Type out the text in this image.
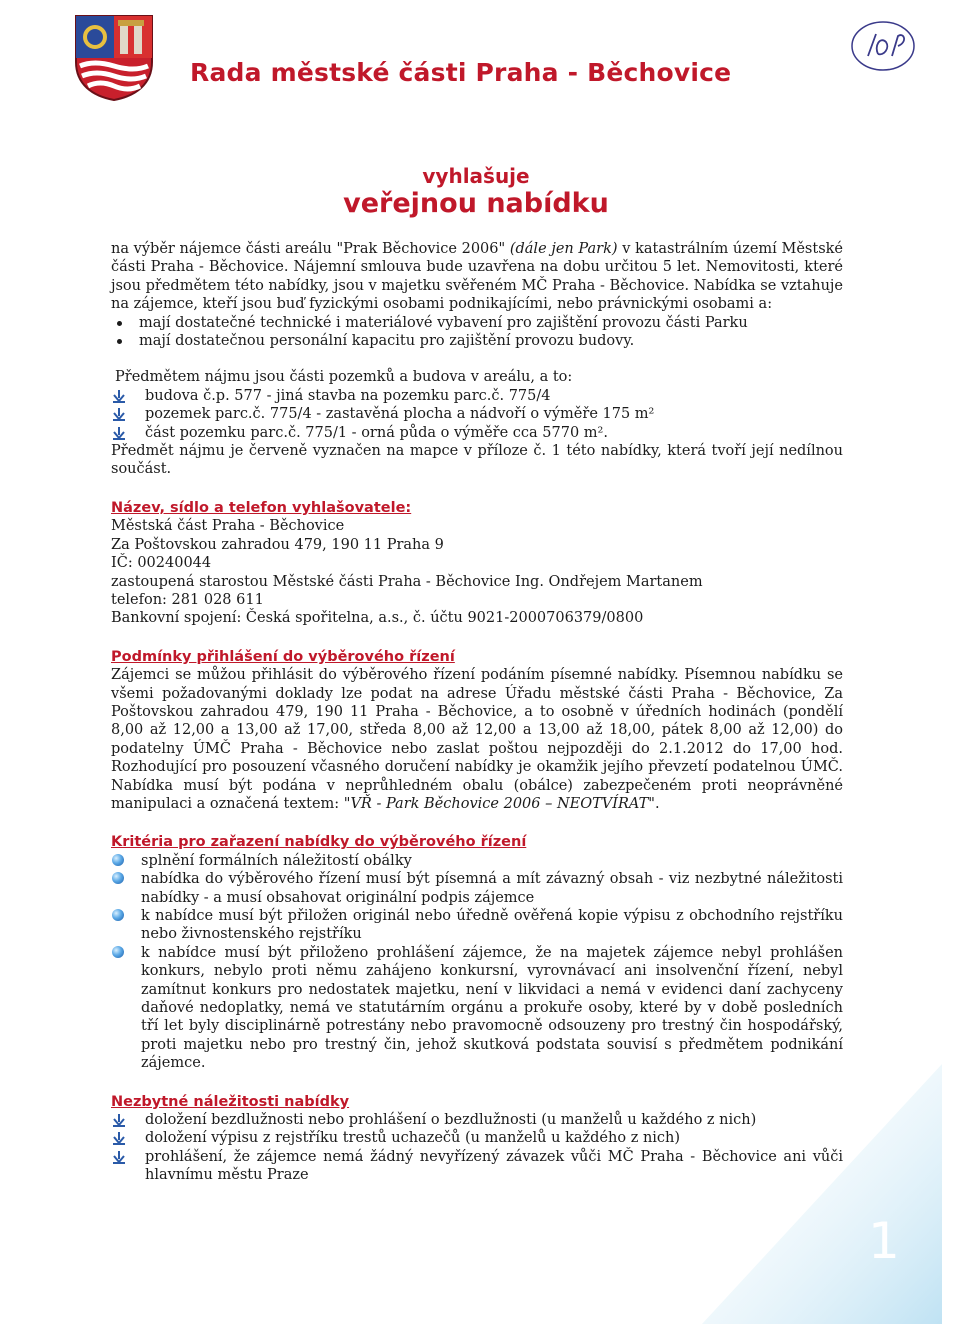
Rada městské části Praha - Běchovice
vyhlašuje
veřejnou nabídku

na výběr nájemce části areálu "Prak Běchovice 2006" (dále jen Park) v katastrálním území Městské části Praha - Běchovice. Nájemní smlouva bude uzavřena na dobu určitou 5 let. Nemovitosti, které jsou předmětem této nabídky, jsou v majetku svěřeném MČ Praha - Běchovice. Nabídka se vztahuje na zájemce, kteří jsou buď fyzickými osobami podnikajícími, nebo právnickými osobami a:

mají dostatečné technické i materiálové vybavení pro zajištění provozu části Parku
mají dostatečnou personální kapacitu pro zajištění provozu budovy.

Předmětem nájmu jsou části pozemků a budova v areálu, a to:

budova č.p. 577 - jiná stavba na pozemku parc.č. 775/4
pozemek parc.č. 775/4 - zastavěná plocha a nádvoří o výměře 175 m²
část pozemku parc.č. 775/1 - orná půda o výměře cca 5770 m².

Předmět nájmu je červeně vyznačen na mapce v příloze č. 1 této nabídky, která tvoří její nedílnou součást.

Název, sídlo a telefon vyhlašovatele:

Městská část Praha - Běchovice

Za Poštovskou zahradou 479, 190 11 Praha 9

IČ: 00240044

zastoupená starostou Městské části Praha - Běchovice Ing. Ondřejem Martanem

telefon: 281 028 611

Bankovní spojení: Česká spořitelna, a.s., č. účtu 9021-2000706379/0800

Podmínky přihlášení do výběrového řízení

Zájemci se můžou přihlásit do výběrového řízení podáním písemné nabídky. Písemnou nabídku se všemi požadovanými doklady lze podat na adrese Úřadu městské části Praha - Běchovice, Za Poštovskou zahradou 479, 190 11 Praha - Běchovice, a to osobně v úředních hodinách (pondělí 8,00 až 12,00 a 13,00 až 17,00, středa 8,00 až 12,00 a 13,00 až 18,00, pátek 8,00 až 12,00) do podatelny ÚMČ Praha - Běchovice nebo zaslat poštou nejpozději do 2.1.2012 do 17,00 hod. Rozhodující pro posouzení včasného doručení nabídky je okamžik jejího převzetí podatelnou ÚMČ. Nabídka musí být podána v neprůhledném obalu (obálce) zabezpečeném proti neoprávněné manipulaci a označená textem: "VŘ - Park Běchovice 2006 – NEOTVÍRAT".

Kritéria pro zařazení nabídky do výběrového řízení

splnění formálních náležitostí obálky
nabídka do výběrového řízení musí být písemná a mít závazný obsah - viz nezbytné náležitosti nabídky - a musí obsahovat originální podpis zájemce
k nabídce musí být přiložen originál nebo úředně ověřená kopie výpisu z obchodního rejstříku nebo živnostenského rejstříku
k nabídce musí být přiloženo prohlášení zájemce, že na majetek zájemce nebyl prohlášen konkurs, nebylo proti němu zahájeno konkursní, vyrovnávací ani insolvenční řízení, nebyl zamítnut konkurs pro nedostatek majetku, není v likvidaci a nemá v evidenci daní zachyceny daňové nedoplatky, nemá ve statutárním orgánu a prokuře osoby, které by v době posledních tří let byly disciplinárně potrestány nebo pravomocně odsouzeny pro trestný čin hospodářský, proti majetku nebo pro trestný čin, jehož skutková podstata souvisí s předmětem podnikání zájemce.

Nezbytné náležitosti nabídky

doložení bezdlužnosti nebo prohlášení o bezdlužnosti (u manželů u každého z nich)
doložení výpisu z rejstříku trestů uchazečů (u manželů u každého z nich)
prohlášení, že zájemce nemá žádný nevyřízený závazek vůči MČ Praha - Běchovice ani vůči hlavnímu městu Praze
1
